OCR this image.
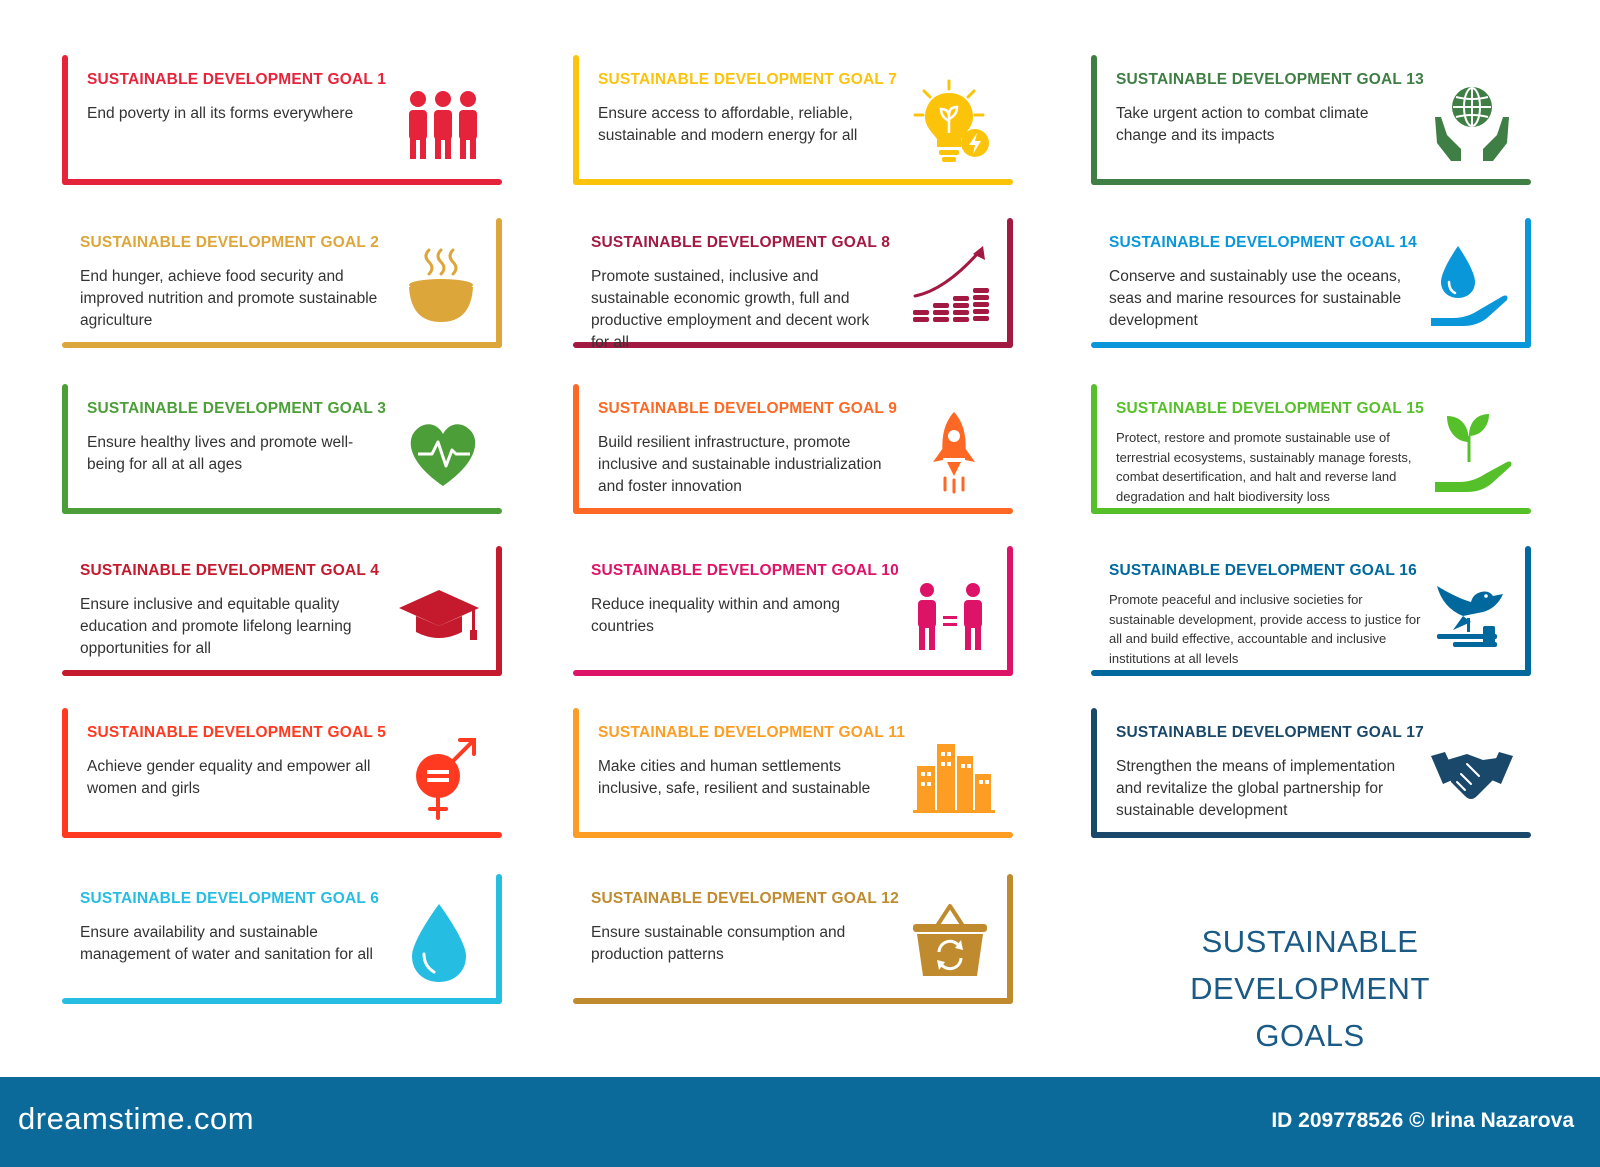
SUSTAINABLE DEVELOPMENT GOAL 1
End poverty in all its forms everywhere
SUSTAINABLE DEVELOPMENT GOAL 2
End hunger, achieve food security and improved nutrition and promote sustainable agriculture
SUSTAINABLE DEVELOPMENT GOAL 3
Ensure healthy lives and promote well-being for all at all ages
SUSTAINABLE DEVELOPMENT GOAL 4
Ensure inclusive and equitable quality education and promote lifelong learning opportunities for all
SUSTAINABLE DEVELOPMENT GOAL 5
Achieve gender equality and empower all women and girls
SUSTAINABLE DEVELOPMENT GOAL 6
Ensure availability and sustainable management of water and sanitation for all
SUSTAINABLE DEVELOPMENT GOAL 7
Ensure access to affordable, reliable, sustainable and modern energy for all
SUSTAINABLE DEVELOPMENT GOAL 8
Promote sustained, inclusive and sustainable economic growth, full and productive employment and decent work for all
SUSTAINABLE DEVELOPMENT GOAL 9
Build resilient infrastructure, promote inclusive and sustainable industrialization and foster innovation
SUSTAINABLE DEVELOPMENT GOAL 10
Reduce inequality within and among countries
SUSTAINABLE DEVELOPMENT GOAL 11
Make cities and human settlements inclusive, safe, resilient and sustainable
SUSTAINABLE DEVELOPMENT GOAL 12
Ensure sustainable consumption and production patterns
SUSTAINABLE DEVELOPMENT GOAL 13
Take urgent action to combat climate change and its impacts
SUSTAINABLE DEVELOPMENT GOAL 14
Conserve and sustainably use the oceans, seas and marine resources for sustainable development
SUSTAINABLE DEVELOPMENT GOAL 15
Protect, restore and promote sustainable use of terrestrial ecosystems, sustainably manage forests, combat desertification, and halt and reverse land degradation and halt biodiversity loss
SUSTAINABLE DEVELOPMENT GOAL 16
Promote peaceful and inclusive societies for sustainable development, provide access to justice for all and build effective, accountable and inclusive institutions at all levels
SUSTAINABLE DEVELOPMENT GOAL 17
Strengthen the means of implementation and revitalize the global partnership for sustainable development
SUSTAINABLE DEVELOPMENT
GOALS
dreamstime.com	ID 209778526 © Irina Nazarova
